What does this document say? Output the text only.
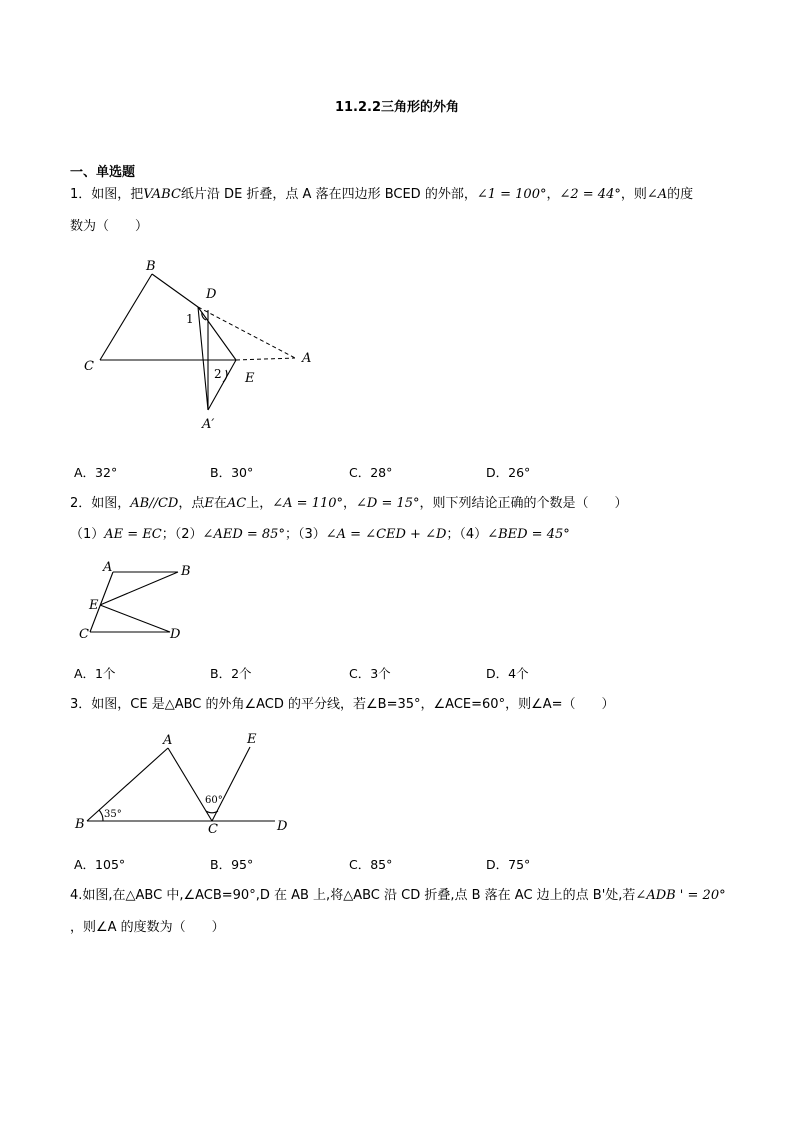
11.2.2三角形的外角
一、单选题
1．如图，把VABC纸片沿 DE 折叠，点 A 落在四边形 BCED 的外部，∠1 = 100°，∠2 = 44°，则∠A的度
数为（　　）
B
D
1
C
A
2 E
A′
A．32°	B．30°	C．28°	D．26°
2．如图，AB//CD，点E在AC上，∠A = 110°，∠D = 15°，则下列结论正确的个数是（　　）
（1）AE = EC；（2）∠AED = 85°；（3）∠A = ∠CED + ∠D；（4）∠BED = 45°
A	B
E
C	D
A．1个	B．2个	C．3个	D．4个
3．如图，CE 是△ABC 的外角∠ACD 的平分线，若∠B=35°，∠ACE=60°，则∠A=（　　）
A	E
60°
35°
B	C	D
A．105°	B．95°	C．85°	D．75°
4.如图,在△ABC 中,∠ACB=90°,D 在 AB 上,将△ABC 沿 CD 折叠,点 B 落在 AC 边上的点 B'处,若∠ADB ' = 20°
，则∠A 的度数为（　　）
